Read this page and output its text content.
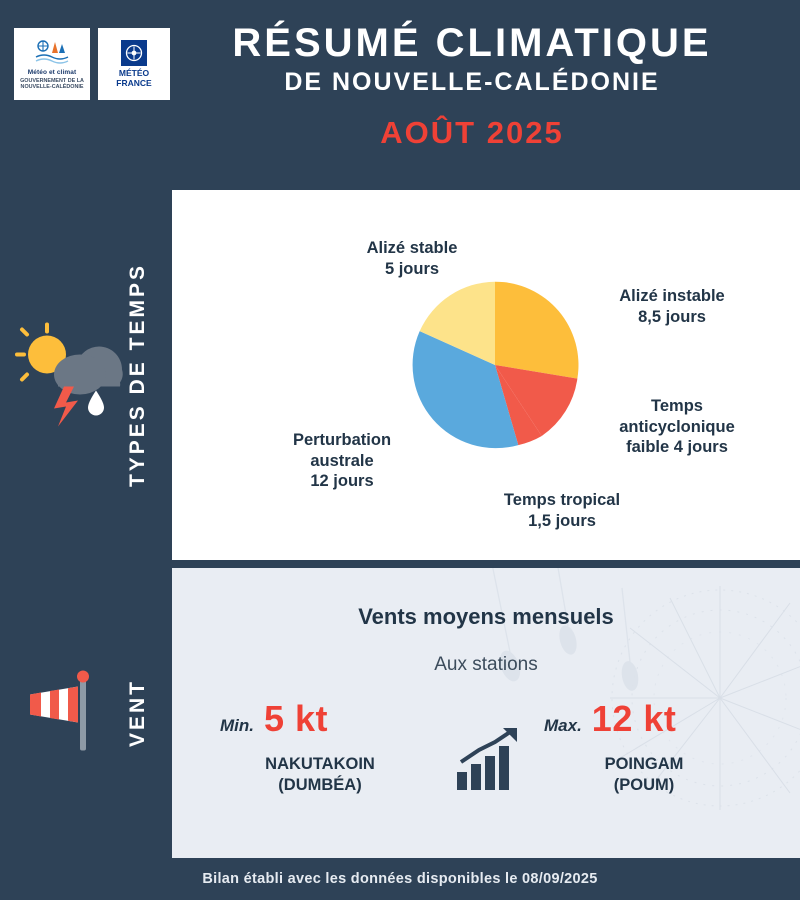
Météo et climat
GOUVERNEMENT DE LA
NOUVELLE-CALÉDONIE
MÉTÉO
FRANCE
RÉSUMÉ CLIMATIQUE
DE NOUVELLE-CALÉDONIE
AOÛT 2025
TYPES DE TEMPS
Alizé stable
5 jours
Alizé instable
8,5 jours
Temps
anticyclonique
faible 4 jours
Temps tropical
1,5 jours
Perturbation
australe
12 jours
VENT
Vents moyens mensuels
Aux stations
Min. 5 kt
NAKUTAKOIN
(DUMBÉA)
Max. 12 kt
POINGAM
(POUM)
Bilan établi avec les données disponibles le 08/09/2025
